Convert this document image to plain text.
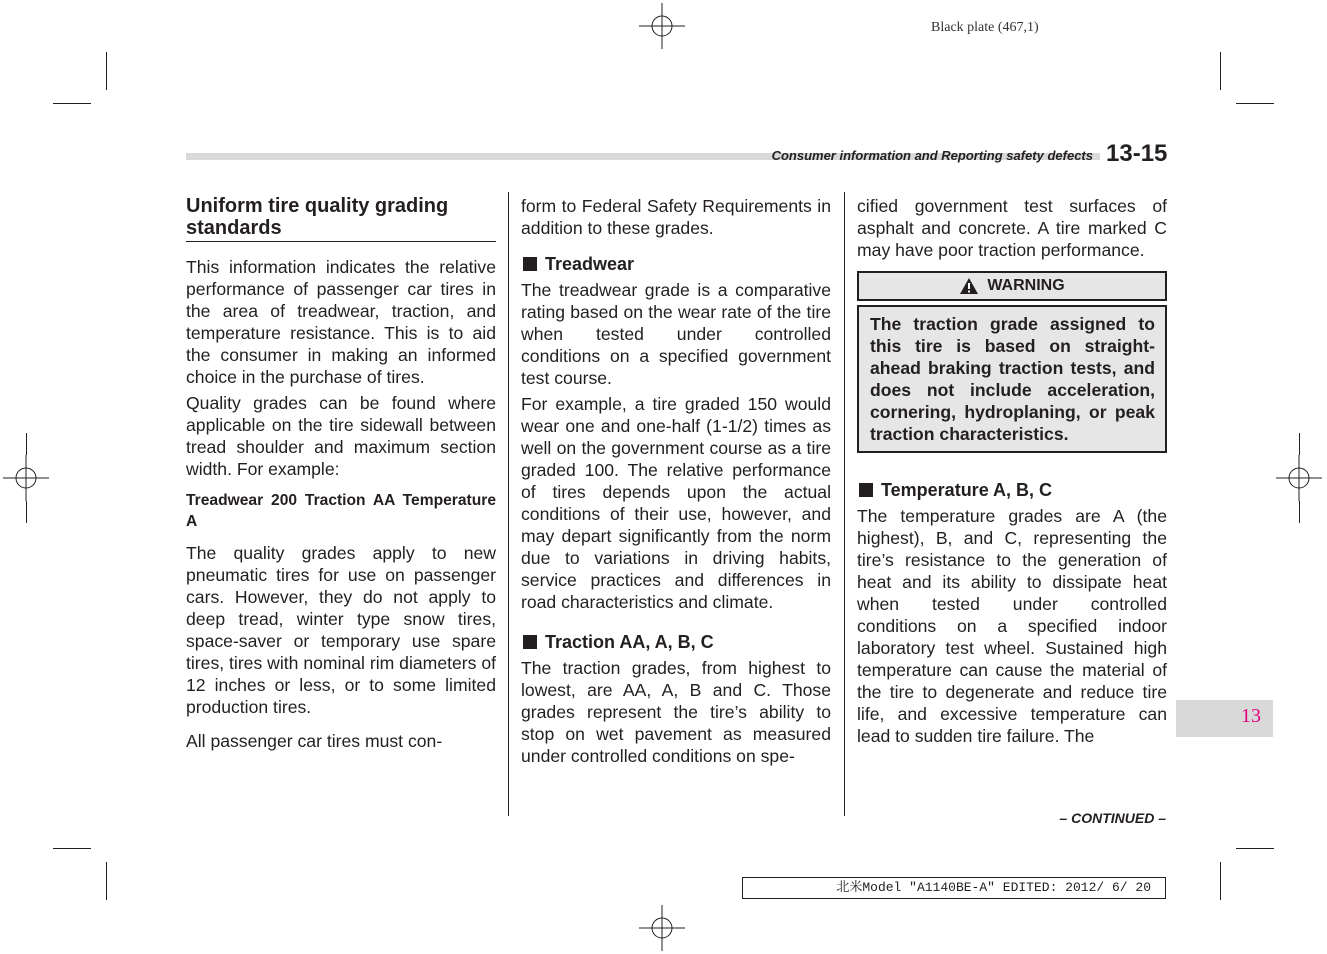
Black plate (467,1)
Consumer information and Reporting safety defects 13-15
Uniform tire quality grading standards

This information indicates the relative performance of passenger car tires in the area of treadwear, traction, and temperature resistance. This is to aid the consumer in making an informed choice in the purchase of tires.

Quality grades can be found where applicable on the tire sidewall between tread shoulder and maximum section width. For example:

Treadwear 200 Traction AA Temperature A

The quality grades apply to new pneumatic tires for use on passenger cars. However, they do not apply to deep tread, winter type snow tires, space-saver or temporary use spare tires, tires with nominal rim diameters of 12 inches or less, or to some limited production tires.

All passenger car tires must con-

form to Federal Safety Requirements in addition to these grades.

Treadwear

The treadwear grade is a comparative rating based on the wear rate of the tire when tested under controlled conditions on a specified government test course.

For example, a tire graded 150 would wear one and one-half (1-1/2) times as well on the government course as a tire graded 100. The relative performance of tires depends upon the actual conditions of their use, however, and may depart significantly from the norm due to variations in driving habits, service practices and differences in road characteristics and climate.

Traction AA, A, B, C

The traction grades, from highest to lowest, are AA, A, B and C. Those grades represent the tire’s ability to stop on wet pavement as measured under controlled conditions on spe-

cified government test surfaces of asphalt and concrete. A tire marked C may have poor traction performance.

WARNING
The traction grade assigned to this tire is based on straight-ahead braking traction tests, and does not include acceleration, cornering, hydroplaning, or peak traction characteristics.
Temperature A, B, C

The temperature grades are A (the highest), B, and C, representing the tire’s resistance to the generation of heat and its ability to dissipate heat when tested under controlled conditions on a specified indoor laboratory test wheel. Sustained high temperature can cause the material of the tire to degenerate and reduce tire life, and excessive temperature can lead to sudden tire failure. The

13
– CONTINUED –
北米Model "A1140BE-A" EDITED: 2012/ 6/ 20
